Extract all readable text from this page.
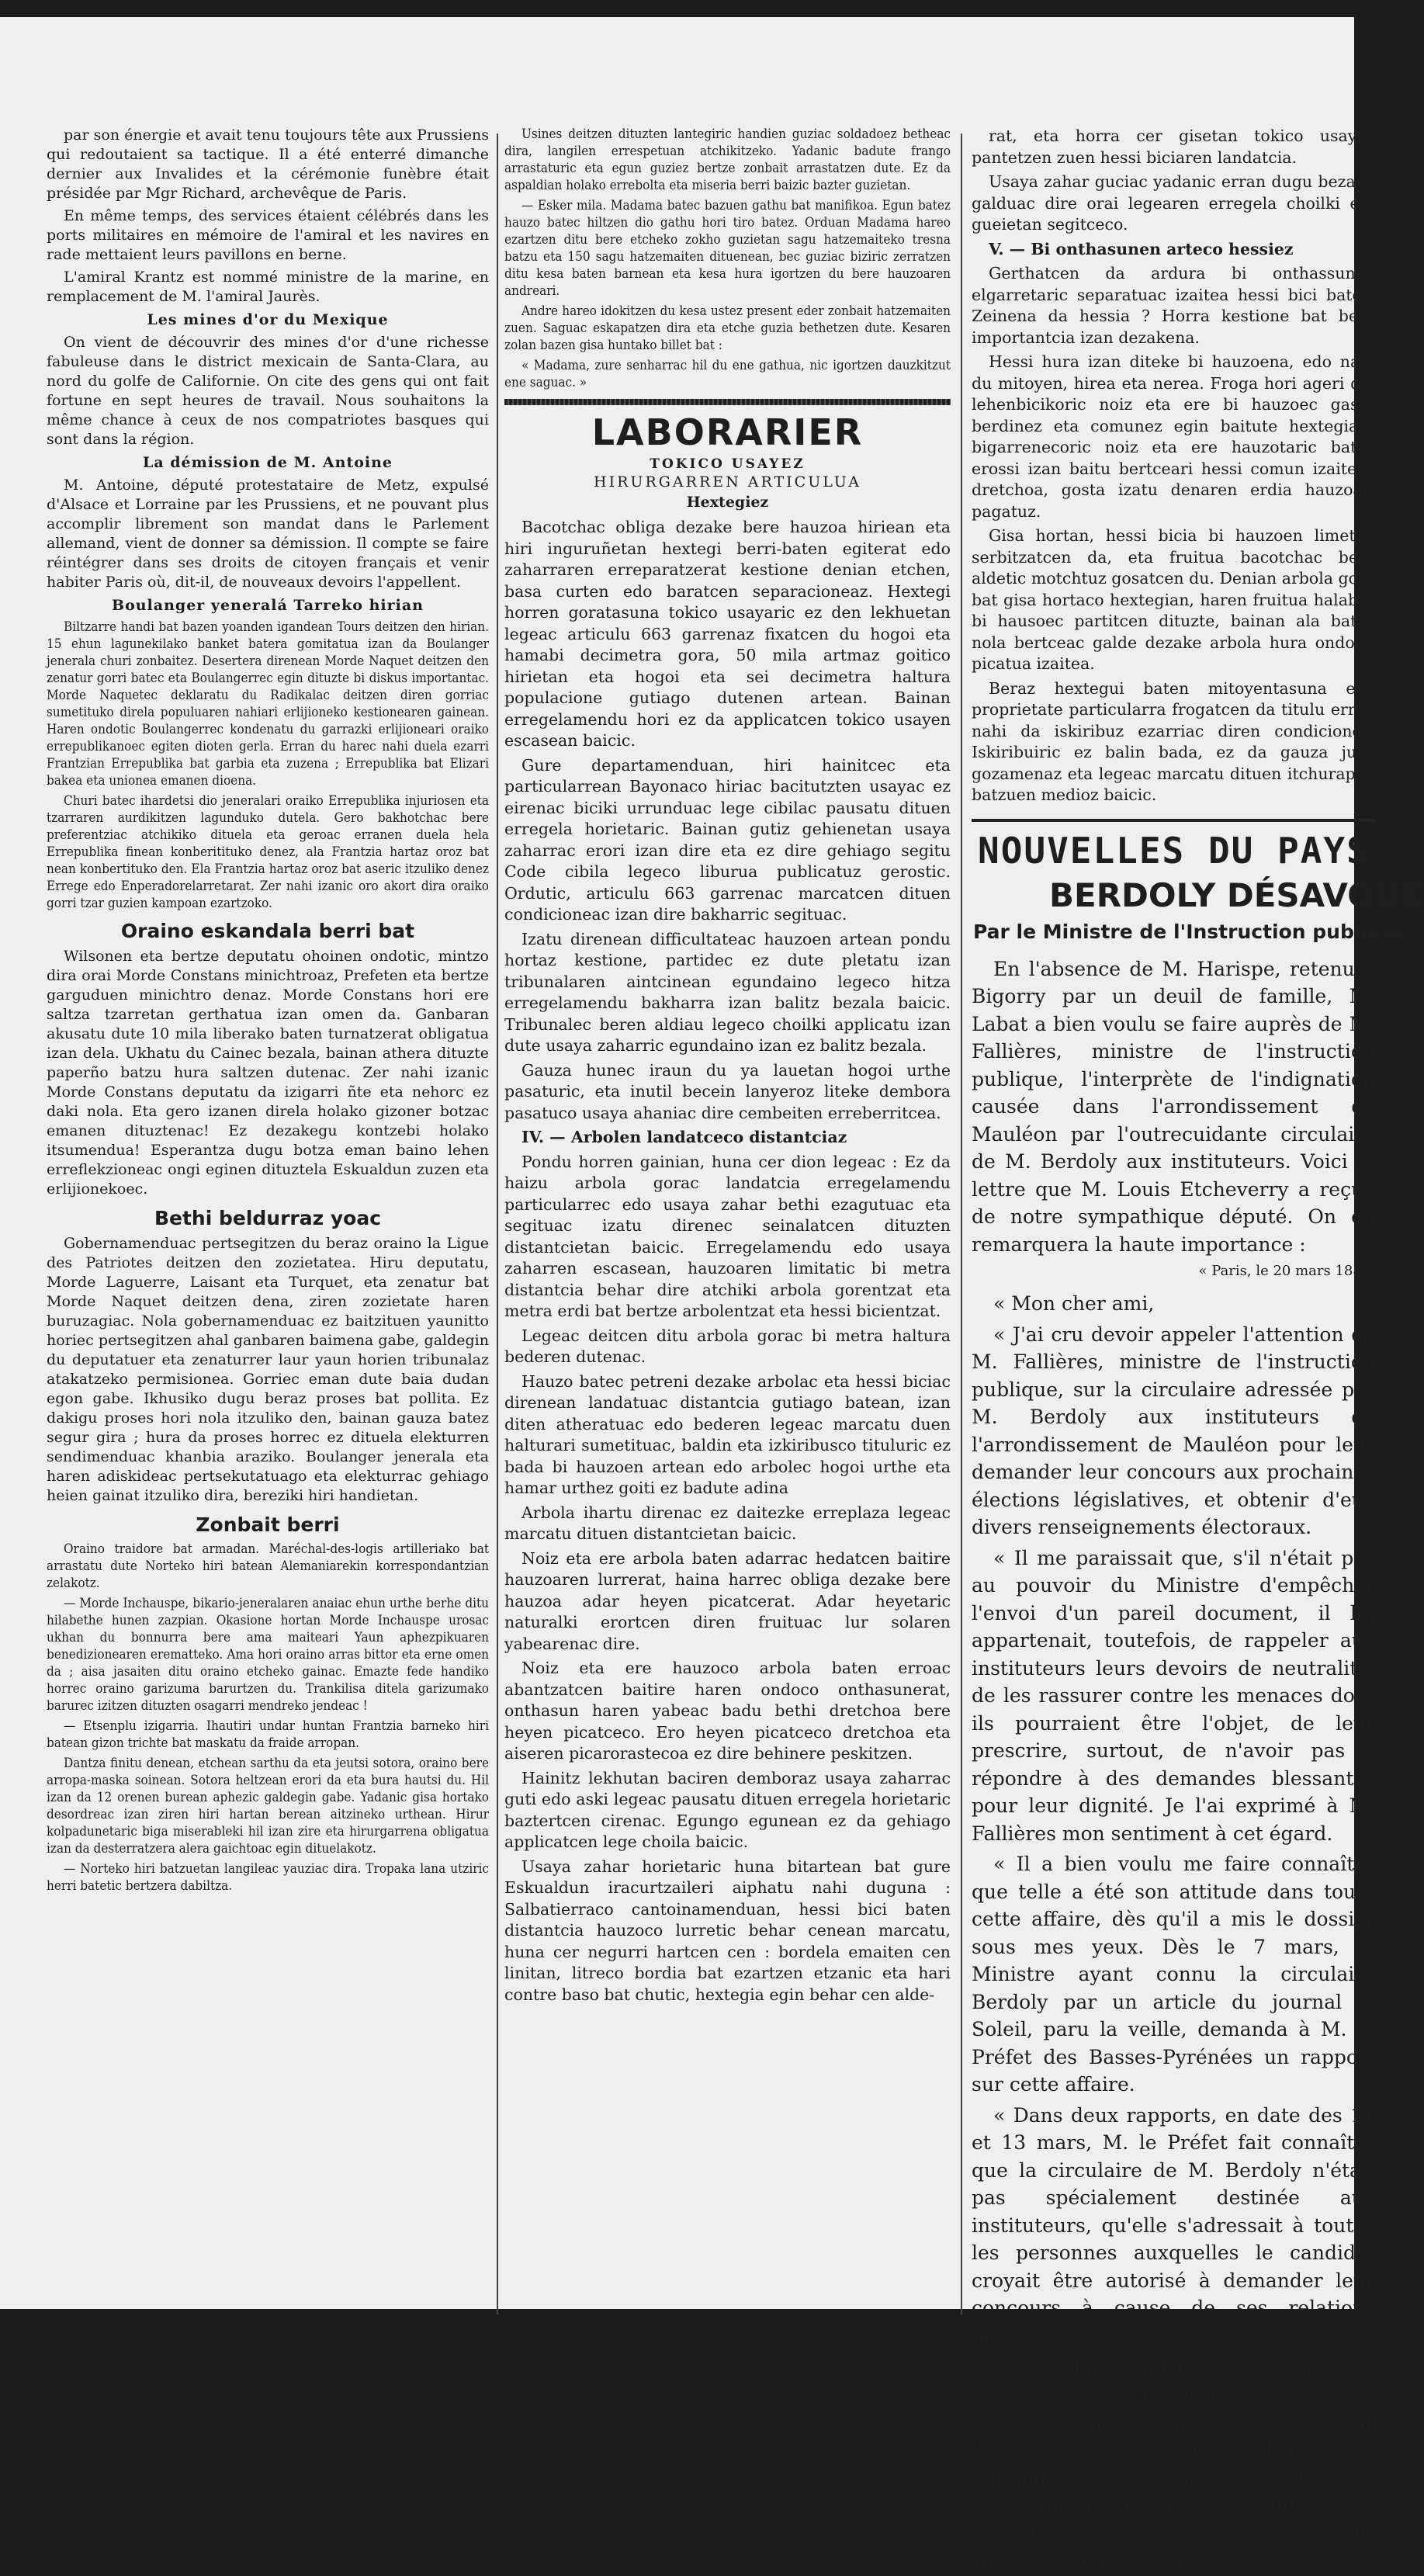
par son énergie et avait tenu toujours tête aux Prussiens qui redoutaient sa tactique. Il a été enterré dimanche dernier aux Invalides et la cérémonie funèbre était présidée par Mgr Richard, archevêque de Paris.

En même temps, des services étaient célébrés dans les ports militaires en mémoire de l'amiral et les navires en rade mettaient leurs pavillons en berne.

L'amiral Krantz est nommé ministre de la marine, en remplacement de M. l'amiral Jaurès.

Les mines d'or du Mexique

On vient de découvrir des mines d'or d'une richesse fabuleuse dans le district mexicain de Santa-Clara, au nord du golfe de Californie. On cite des gens qui ont fait fortune en sept heures de travail. Nous souhaitons la même chance à ceux de nos compatriotes basques qui sont dans la région.

La démission de M. Antoine

M. Antoine, député protestataire de Metz, expulsé d'Alsace et Lorraine par les Prussiens, et ne pouvant plus accomplir librement son mandat dans le Parlement allemand, vient de donner sa démission. Il compte se faire réintégrer dans ses droits de citoyen français et venir habiter Paris où, dit-il, de nouveaux devoirs l'appellent.

Boulanger yeneralá Tarreko hirian

Biltzarre handi bat bazen yoanden igandean Tours deitzen den hirian. 15 ehun lagunekilako banket batera gomitatua izan da Boulanger jenerala churi zonbaitez. Desertera direnean Morde Naquet deitzen den zenatur gorri batec eta Boulangerrec egin dituzte bi diskus importantac. Morde Naquetec deklaratu du Radikalac deitzen diren gorriac sumetituko direla populuaren nahiari erlijioneko kestionearen gainean. Haren ondotic Boulangerrec kondenatu du garrazki erlijioneari oraiko errepublikanoec egiten dioten gerla. Erran du harec nahi duela ezarri Frantzian Errepublika bat garbia eta zuzena ; Errepublika bat Elizari bakea eta unionea emanen dioena.

Churi batec ihardetsi dio jeneralari oraiko Errepublika injuriosen eta tzarraren aurdikitzen lagunduko dutela. Gero bakhotchac bere preferentziac atchikiko dituela eta geroac erranen duela hela Errepublika finean konberitituko denez, ala Frantzia hartaz oroz bat nean konbertituko den. Ela Frantzia hartaz oroz bat aseric itzuliko denez Errege edo Enperadorelarretarat. Zer nahi izanic oro akort dira oraiko gorri tzar guzien kampoan ezartzoko.

Oraino eskandala berri bat

Wilsonen eta bertze deputatu ohoinen ondotic, mintzo dira orai Morde Constans minichtroaz, Prefeten eta bertze garguduen minichtro denaz. Morde Constans hori ere saltza tzarretan gerthatua izan omen da. Ganbaran akusatu dute 10 mila liberako baten turnatzerat obligatua izan dela. Ukhatu du Cainec bezala, bainan athera dituzte paperño batzu hura saltzen dutenac. Zer nahi izanic Morde Constans deputatu da izigarri ñte eta nehorc ez daki nola. Eta gero izanen direla holako gizoner botzac emanen dituztenac! Ez dezakegu kontzebi holako itsumendua! Esperantza dugu botza eman baino lehen erreflekzioneac ongi eginen dituztela Eskualdun zuzen eta erlijionekoec.

Bethi beldurraz yoac

Gobernamenduac pertsegitzen du beraz oraino la Ligue des Patriotes deitzen den zozietatea. Hiru deputatu, Morde Laguerre, Laisant eta Turquet, eta zenatur bat Morde Naquet deitzen dena, ziren zozietate haren buruzagiac. Nola gobernamenduac ez baitzituen yaunitto horiec pertsegitzen ahal ganbaren baimena gabe, galdegin du deputatuer eta zenaturrer laur yaun horien tribunalaz atakatzeko permisionea. Gorriec eman dute baia dudan egon gabe. Ikhusiko dugu beraz proses bat pollita. Ez dakigu proses hori nola itzuliko den, bainan gauza batez segur gira ; hura da proses horrec ez dituela elekturren sendimenduac khanbia araziko. Boulanger jenerala eta haren adiskideac pertsekutatuago eta elekturrac gehiago heien gainat itzuliko dira, bereziki hiri handietan.

Zonbait berri

Oraino traidore bat armadan. Maréchal-des-logis artilleriako bat arrastatu dute Norteko hiri batean Alemaniarekin korrespondantzian zelakotz.

— Morde Inchauspe, bikario-jeneralaren anaiac ehun urthe berhe ditu hilabethe hunen zazpian. Okasione hortan Morde Inchauspe urosac ukhan du bonnurra bere ama maiteari Yaun aphezpikuaren benedizionearen erematteko. Ama hori oraino arras bittor eta erne omen da ; aisa jasaiten ditu oraino etcheko gainac. Emazte fede handiko horrec oraino garizuma barurtzen du. Trankilisa ditela garizumako barurec izitzen dituzten osagarri mendreko jendeac !

— Etsenplu izigarria. Ihautiri undar huntan Frantzia barneko hiri batean gizon trichte bat maskatu da fraide arropan.

Dantza finitu denean, etchean sarthu da eta jeutsi sotora, oraino bere arropa-maska soinean. Sotora heltzean erori da eta bura hautsi du. Hil izan da 12 orenen burean aphezic galdegin gabe. Yadanic gisa hortako desordreac izan ziren hiri hartan berean aitzineko urthean. Hirur kolpadunetaric biga miserableki hil izan zire eta hirurgarrena obligatua izan da desterratzera alera gaichtoac egin dituelakotz.

— Norteko hiri batzuetan langileac yauziac dira. Tropaka lana utziric herri batetic bertzera dabiltza.

Usines deitzen dituzten lantegiric handien guziac soldadoez betheac dira, langilen errespetuan atchikitzeko. Yadanic badute frango arrastaturic eta egun guziez bertze zonbait arrastatzen dute. Ez da aspaldian holako errebolta eta miseria berri baizic bazter guzietan.

— Esker mila. Madama batec bazuen gathu bat manifikoa. Egun batez hauzo batec hiltzen dio gathu hori tiro batez. Orduan Madama hareo ezartzen ditu bere etcheko zokho guzietan sagu hatzemaiteko tresna batzu eta 150 sagu hatzemaiten dituenean, bec guziac biziric zerratzen ditu kesa baten barnean eta kesa hura igortzen du bere hauzoaren andreari.

Andre hareo idokitzen du kesa ustez present eder zonbait hatzemaiten zuen. Saguac eskapatzen dira eta etche guzia bethetzen dute. Kesaren zolan bazen gisa huntako billet bat :

« Madama, zure senharrac hil du ene gathua, nic igortzen dauzkitzut ene saguac. »

LABORARIER
TOKICO USAYEZ
HIRURGARREN ARTICULUA
Hextegiez

Bacotchac obliga dezake bere hauzoa hiriean eta hiri inguruñetan hextegi berri-baten egiterat edo zaharraren erreparatzerat kestione denian etchen, basa curten edo baratcen separacioneaz. Hextegi horren goratasuna tokico usayaric ez den lekhuetan legeac articulu 663 garrenaz fixatcen du hogoi eta hamabi decimetra gora, 50 mila artmaz goitico hirietan eta hogoi eta sei decimetra haltura populacione gutiago dutenen artean. Bainan erregelamendu hori ez da applicatcen tokico usayen escasean baicic.

Gure departamenduan, hiri hainitcec eta particularrean Bayonaco hiriac bacitutzten usayac ez eirenac biciki urrunduac lege cibilac pausatu dituen erregela horietaric. Bainan gutiz gehienetan usaya zaharrac erori izan dire eta ez dire gehiago segitu Code cibila legeco liburua publicatuz gerostic. Ordutic, articulu 663 garrenac marcatcen dituen condicioneac izan dire bakharric segituac.

Izatu direnean difficultateac hauzoen artean pondu hortaz kestione, partidec ez dute pletatu izan tribunalaren aintcinean egundaino legeco hitza erregelamendu bakharra izan balitz bezala baicic. Tribunalec beren aldiau legeco choilki applicatu izan dute usaya zaharric egundaino izan ez balitz bezala.

Gauza hunec iraun du ya lauetan hogoi urthe pasaturic, eta inutil becein lanyeroz liteke dembora pasatuco usaya ahaniac dire cembeiten erreberritcea.

IV. — Arbolen landatceco distantciaz

Pondu horren gainian, huna cer dion legeac : Ez da haizu arbola gorac landatcia erregelamendu particularrec edo usaya zahar bethi ezagutuac eta segituac izatu direnec seinalatcen dituzten distantcietan baicic. Erregelamendu edo usaya zaharren escasean, hauzoaren limitatic bi metra distantcia behar dire atchiki arbola gorentzat eta metra erdi bat bertze arbolentzat eta hessi bicientzat.

Legeac deitcen ditu arbola gorac bi metra haltura bederen dutenac.

Hauzo batec petreni dezake arbolac eta hessi biciac direnean landatuac distantcia gutiago batean, izan diten atheratuac edo bederen legeac marcatu duen halturari sumetituac, baldin eta izkiribusco tituluric ez bada bi hauzoen artean edo arbolec hogoi urthe eta hamar urthez goiti ez badute adina

Arbola ihartu direnac ez daitezke erreplaza legeac marcatu dituen distantcietan baicic.

Noiz eta ere arbola baten adarrac hedatcen baitire hauzoaren lurrerat, haina harrec obliga dezake bere hauzoa adar heyen picatcerat. Adar heyetaric naturalki erortcen diren fruituac lur solaren yabearenac dire.

Noiz eta ere hauzoco arbola baten erroac abantzatcen baitire haren ondoco onthasunerat, onthasun haren yabeac badu bethi dretchoa bere heyen picatceco. Ero heyen picatceco dretchoa eta aiseren picarorastecoa ez dire behinere peskitzen.

Hainitz lekhutan baciren demboraz usaya zaharrac guti edo aski legeac pausatu dituen erregela horietaric baztertcen cirenac. Egungo egunean ez da gehiago applicatcen lege choila baicic.

Usaya zahar horietaric huna bitartean bat gure Eskualdun iracurtzaileri aiphatu nahi duguna : Salbatierraco cantoinamenduan, hessi bici baten distantcia hauzoco lurretic behar cenean marcatu, huna cer negurri hartcen cen : bordela emaiten cen linitan, litreco bordia bat ezartzen etzanic eta hari contre baso bat chutic, hextegia egin behar cen alde-

rat, eta horra cer gisetan tokico usayac pantetzen zuen hessi biciaren landatcia.

Usaya zahar guciac yadanic erran dugu bezala, galduac dire orai legearen erregela choilki eta gueietan segitceco.

V. — Bi onthasunen arteco hessiez

Gerthatcen da ardura bi onthassunen elgarretaric separatuac izaitea hessi bici batez. Zeinena da hessia ? Horra kestione bat bere importantcia izan dezakena.

Hessi hura izan diteke bi hauzoena, edo nahi du mitoyen, hirea eta nerea. Froga hori ageri da, lehenbicikoric noiz eta ere bi hauzoec gastu berdinez eta comunez egin baitute hextegia ; bigarrenecoric noiz eta ere hauzotaric batec erossi izan baitu bertceari hessi comun izaiteco dretchoa, gosta izatu denaren erdia hauzoari pagatuz.

Gisa hortan, hessi bicia bi hauzoen limetan serbitzatcen da, eta fruitua bacotchac bere aldetic motchtuz gosatcen du. Denian arbola gora bat gisa hortaco hextegian, haren fruitua halaber bi hausoec partitcen dituzte, bainan ala batec nola bertceac galde dezake arbola hura ondotic picatua izaitea.

Beraz hextegui baten mitoyentasuna edo proprietate particularra frogatcen da titulu erran nahi da iskiribuz ezarriac diren condicionez. Iskiribuiric ez balin bada, ez da gauza juya gozamenaz eta legeac marcatu dituen itchurapen batzuen medioz baicic.

NOUVELLES DU PAYS
BERDOLY DÉSAVOUÉ
Par le Ministre de l'Instruction publique

En l'absence de M. Harispe, retenu à Bigorry par un deuil de famille, M. Labat a bien voulu se faire auprès de M. Fallières, ministre de l'instruction publique, l'interprète de l'indignation causée dans l'arrondissement de Mauléon par l'outrecuidante circulaire de M. Berdoly aux instituteurs. Voici la lettre que M. Louis Etcheverry a reçue de notre sympathique député. On en remarquera la haute importance :

« Paris, le 20 mars 1889.

« Mon cher ami,

« J'ai cru devoir appeler l'attention de M. Fallières, ministre de l'instruction publique, sur la circulaire adressée par M. Berdoly aux instituteurs de l'arrondissement de Mauléon pour leur demander leur concours aux prochaines élections législatives, et obtenir d'eux divers renseignements électoraux.

« Il me paraissait que, s'il n'était pas au pouvoir du Ministre d'empêcher l'envoi d'un pareil document, il lui appartenait, toutefois, de rappeler aux instituteurs leurs devoirs de neutralité, de les rassurer contre les menaces dont ils pourraient être l'objet, de leur prescrire, surtout, de n'avoir pas à répondre à des demandes blessantes pour leur dignité. Je l'ai exprimé à M. Fallières mon sentiment à cet égard.

« Il a bien voulu me faire connaître que telle a été son attitude dans toute cette affaire, dès qu'il a mis le dossier sous mes yeux. Dès le 7 mars, le Ministre ayant connu la circulaire Berdoly par un article du journal le Soleil, paru la veille, demanda à M. le Préfet des Basses-Pyrénées un rapport sur cette affaire.

« Dans deux rapports, en date des 11 et 13 mars, M. le Préfet fait connaître que la circulaire de M. Berdoly n'était pas spécialement destinée aux instituteurs, qu'elle s'adressait à toutes les personnes auxquelles le candidat croyait être autorisé à demander leur concours à cause de ses relations personnelles.

« M. le Préfet terminait en protestant contre le soupçon que la circulaire eût été conçue ou inspirée par l'administration supérieure. Il défendait notamment de ce reproche M. Davenet, conseiller de préfecture et ami de M. Berdoly, et assurait qu'il n'était pour rien dans l'envoi de la circulaire.
